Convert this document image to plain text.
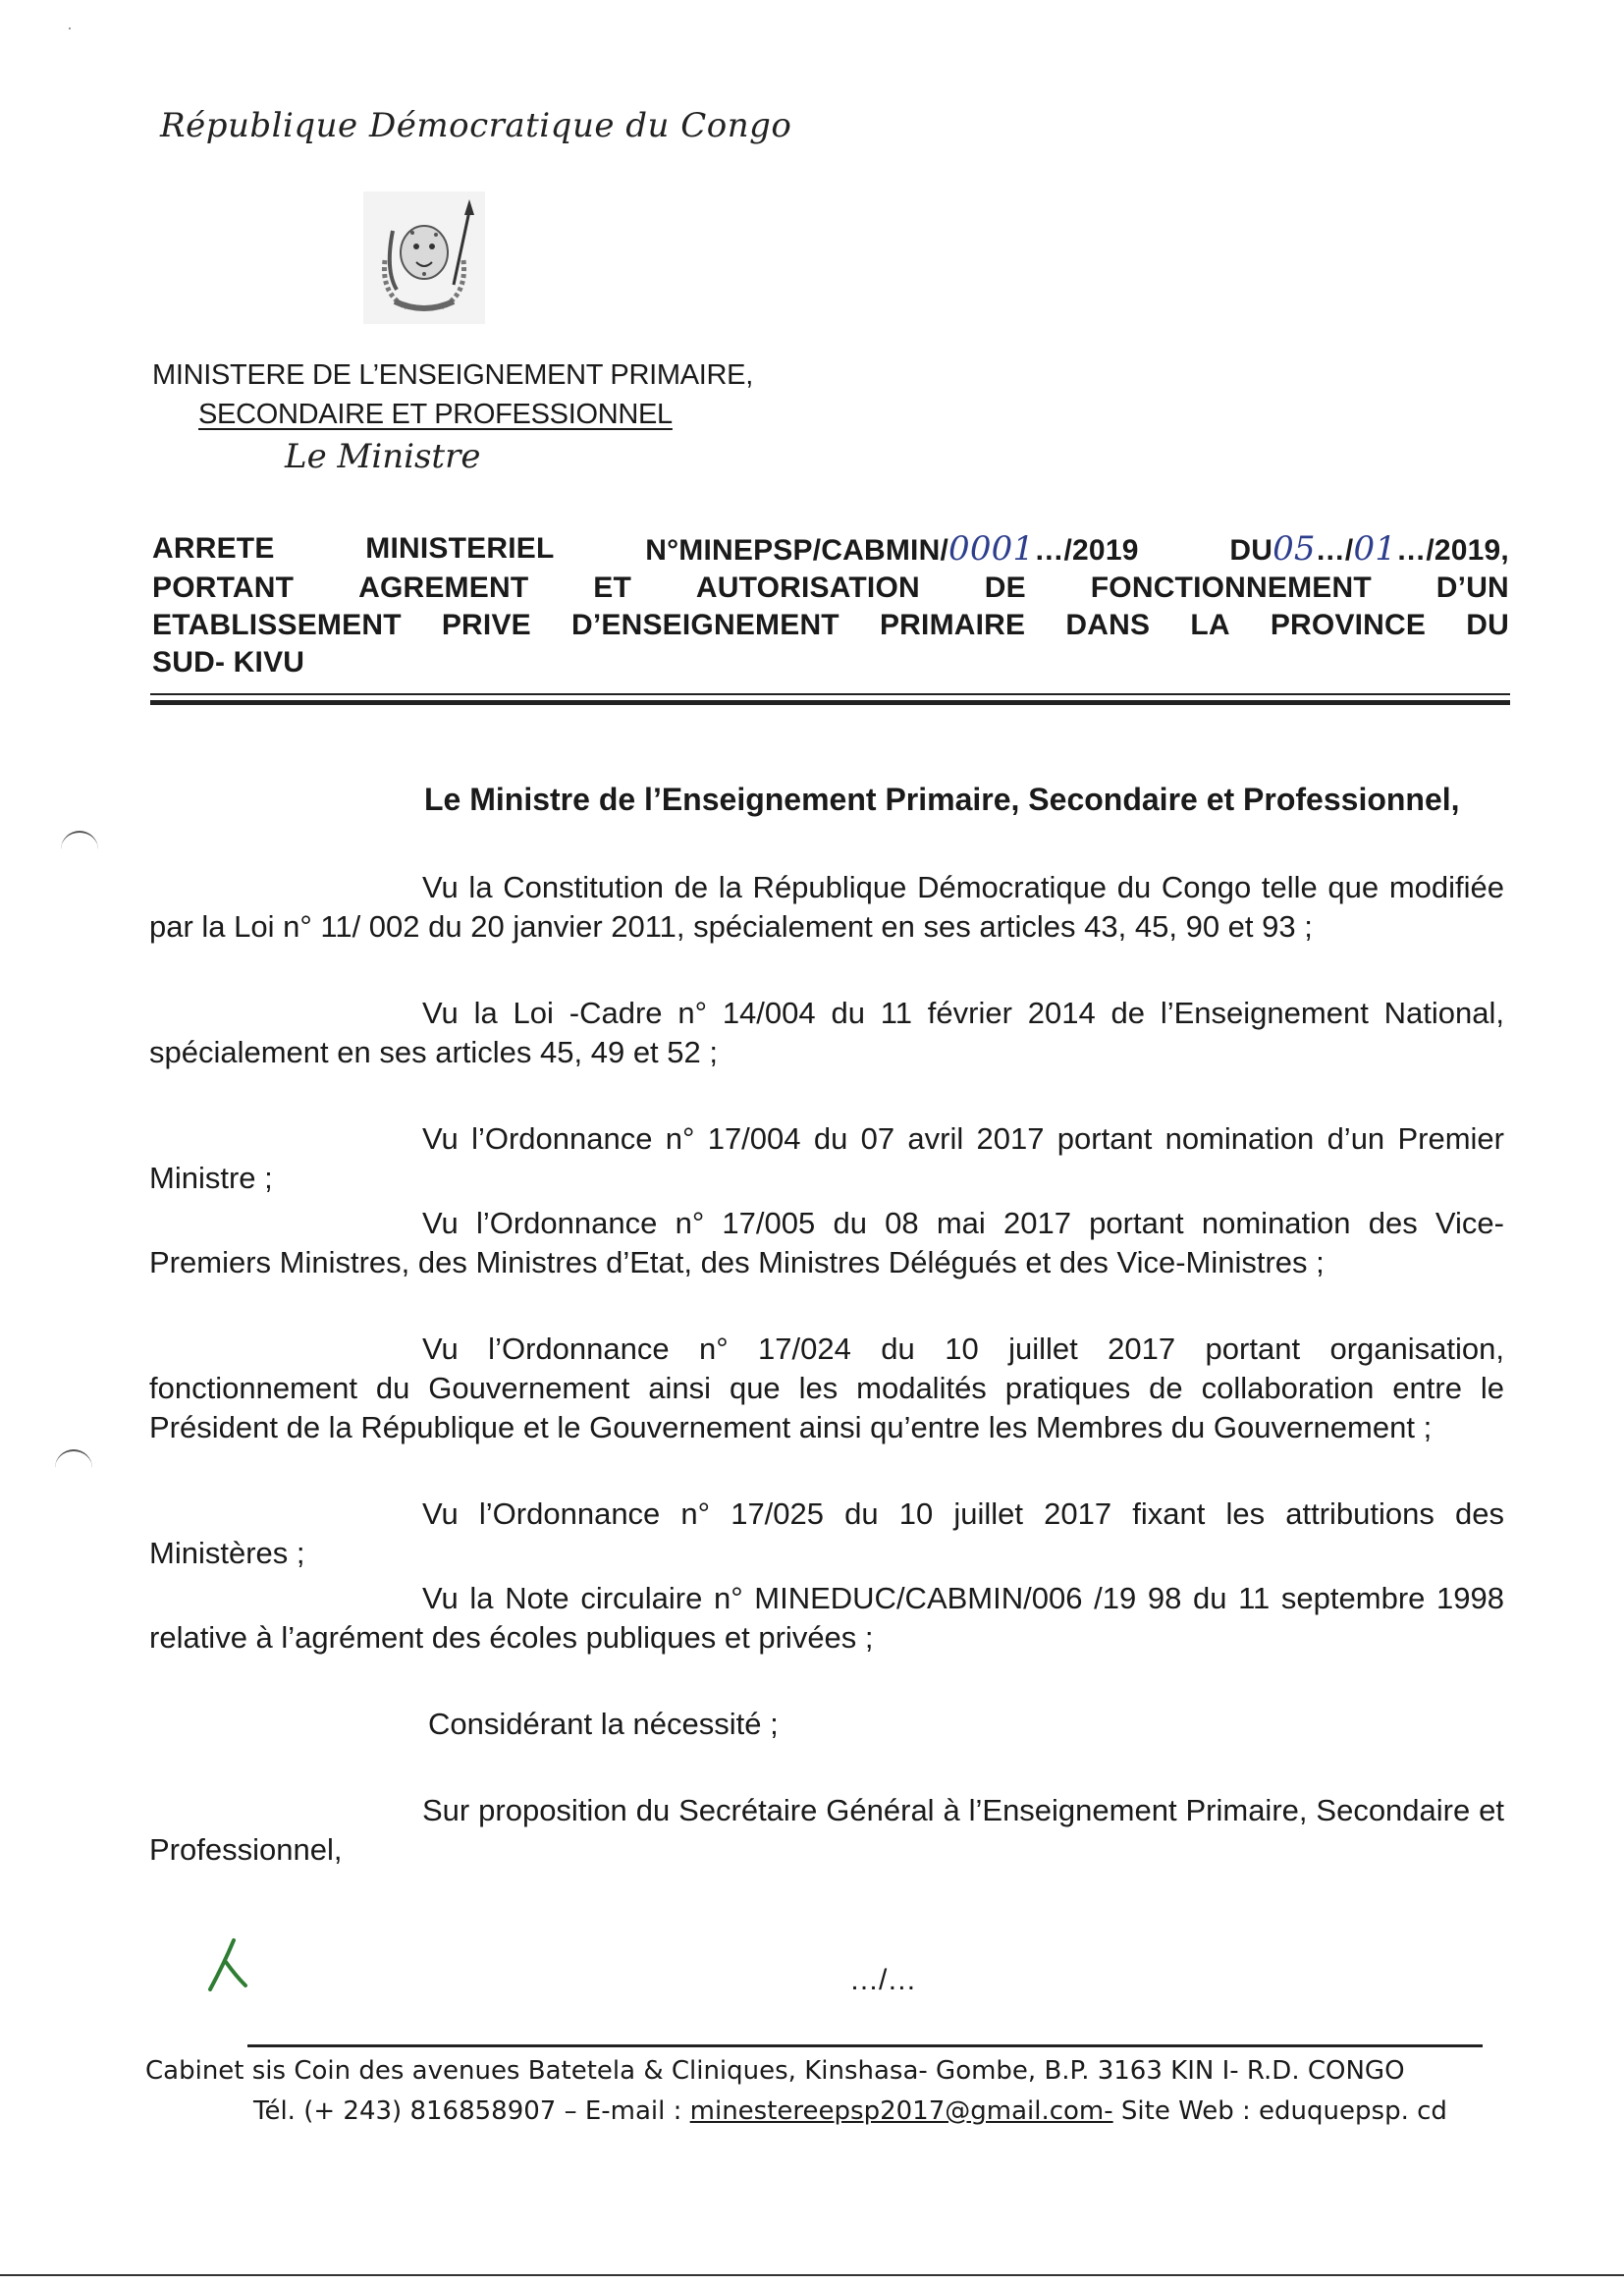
·
République Démocratique du Congo
MINISTERE DE L’ENSEIGNEMENT PRIMAIRE,
SECONDAIRE ET PROFESSIONNEL
Le Ministre
ARRETE	MINISTERIEL	N°MINEPSP/CABMIN/0001…/2019	DU05…/01…/2019,
PORTANT AGREMENT ET AUTORISATION DE FONCTIONNEMENT D’UN
ETABLISSEMENT PRIVE D’ENSEIGNEMENT PRIMAIRE DANS LA PROVINCE DU
SUD- KIVU
Le Ministre de l’Enseignement Primaire, Secondaire et Professionnel,

Vu la Constitution de la République Démocratique du Congo telle que modifiée par la Loi n° 11/ 002 du 20 janvier 2011, spécialement en ses articles 43, 45, 90 et 93 ;

Vu la Loi -Cadre n° 14/004 du 11 février 2014 de l’Enseignement National, spécialement en ses articles 45, 49 et 52 ;

Vu l’Ordonnance n° 17/004 du 07 avril 2017 portant nomination d’un Premier Ministre ;

Vu l’Ordonnance n° 17/005 du 08 mai 2017 portant nomination des Vice-Premiers Ministres, des Ministres d’Etat, des Ministres Délégués et des Vice-Ministres ;

Vu l’Ordonnance n° 17/024 du 10 juillet 2017 portant organisation, fonctionnement du Gouvernement ainsi que les modalités pratiques de collaboration entre le Président de la République et le Gouvernement ainsi qu’entre les Membres du Gouvernement ;

Vu l’Ordonnance n° 17/025 du 10 juillet 2017 fixant les attributions des Ministères ;

Vu la Note circulaire n° MINEDUC/CABMIN/006 /19 98 du 11 septembre 1998 relative à l’agrément des écoles publiques et privées ;

Considérant la nécessité ;

Sur proposition du Secrétaire Général à l’Enseignement Primaire, Secondaire et Professionnel,

…/…
Cabinet sis Coin des avenues Batetela & Cliniques, Kinshasa- Gombe, B.P. 3163 KIN I- R.D. CONGO
Tél. (+ 243) 816858907 – E-mail : minestereepsp2017@gmail.com- Site Web : eduquepsp. cd
